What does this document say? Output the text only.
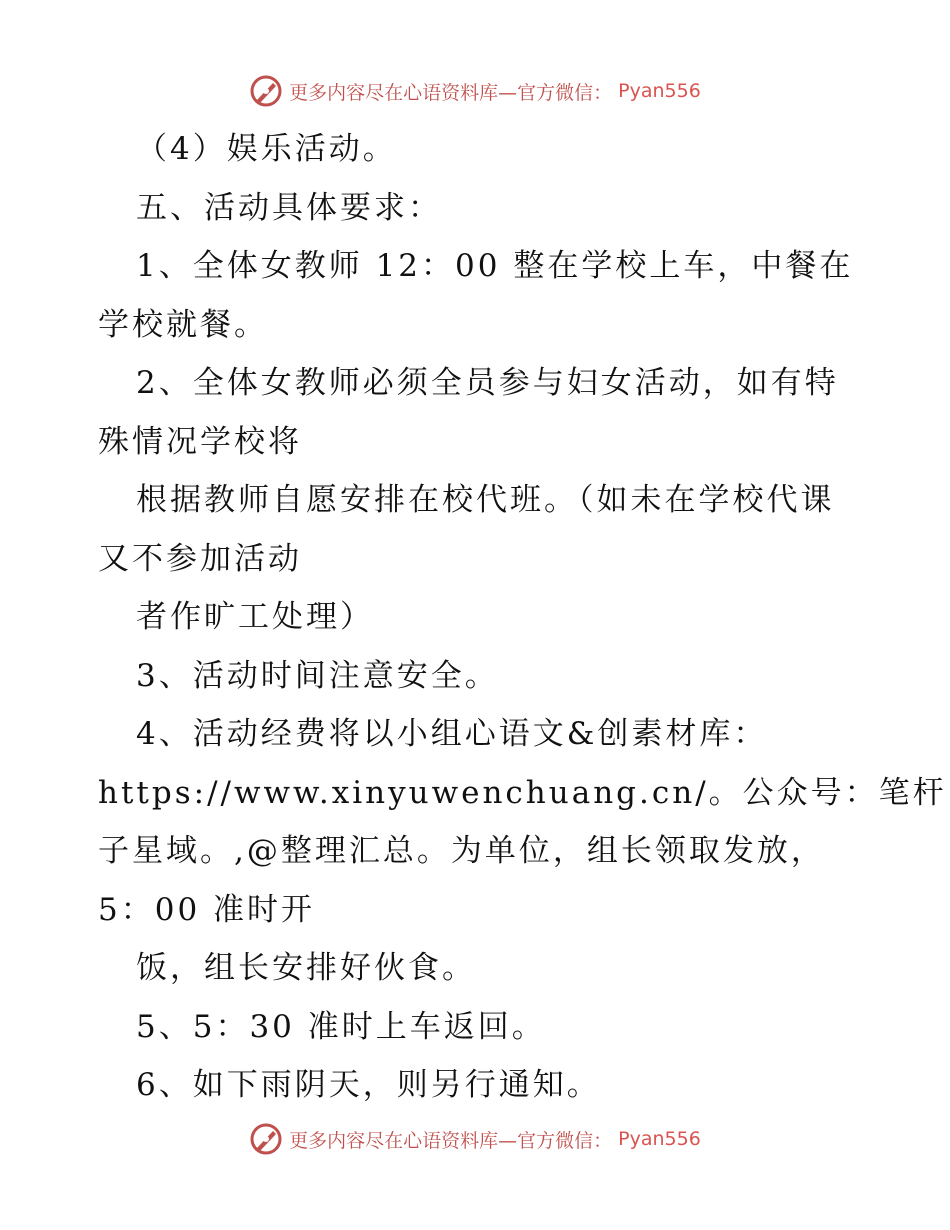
更多内容尽在心语资料库—官方微信： Pyan556
（4）娱乐活动。
五、活动具体要求：
1、全体女教师 12：00 整在学校上车，中餐在
学校就餐。
2、全体女教师必须全员参与妇女活动，如有特
殊情况学校将
根据教师自愿安排在校代班。（如未在学校代课
又不参加活动
者作旷工处理）
3、活动时间注意安全。
4、活动经费将以小组心语文&创素材库：
https://www.xinyuwenchuang.cn/。公众号：笔杆
子星域。,@整理汇总。为单位，组长领取发放，
5：00 准时开
饭，组长安排好伙食。
5、5：30 准时上车返回。
6、如下雨阴天，则另行通知。
更多内容尽在心语资料库—官方微信： Pyan556
